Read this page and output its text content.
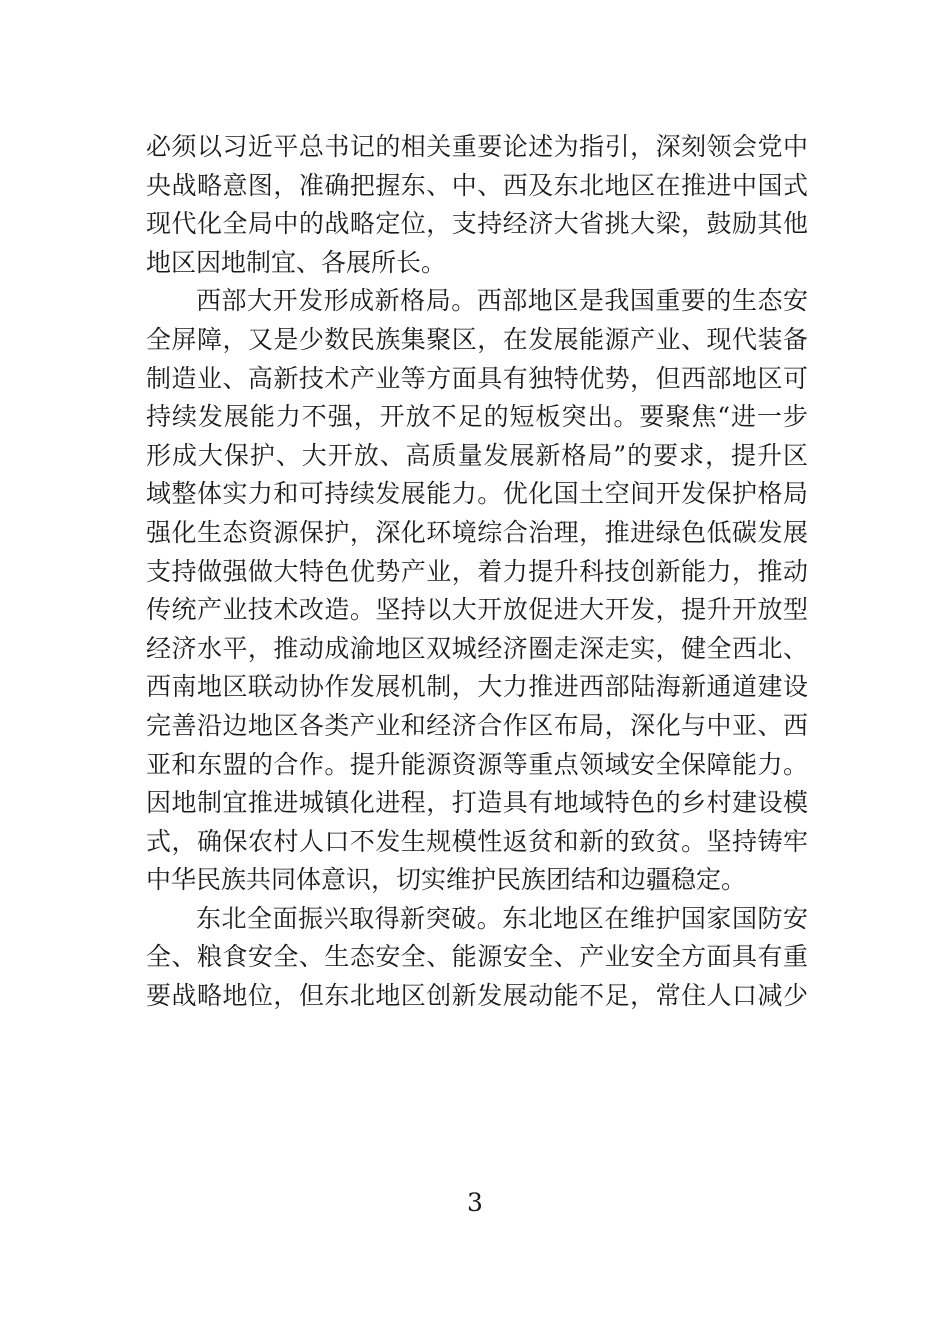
必须以习近平总书记的相关重要论述为指引，深刻领会党中
央战略意图，准确把握东、中、西及东北地区在推进中国式
现代化全局中的战略定位，支持经济大省挑大梁，鼓励其他
地区因地制宜、各展所长。
西部大开发形成新格局。西部地区是我国重要的生态安
全屏障，又是少数民族集聚区，在发展能源产业、现代装备
制造业、高新技术产业等方面具有独特优势，但西部地区可
持续发展能力不强，开放不足的短板突出。要聚焦“进一步
形成大保护、大开放、高质量发展新格局”的要求，提升区
域整体实力和可持续发展能力。优化国土空间开发保护格局
强化生态资源保护，深化环境综合治理，推进绿色低碳发展
支持做强做大特色优势产业，着力提升科技创新能力，推动
传统产业技术改造。坚持以大开放促进大开发，提升开放型
经济水平，推动成渝地区双城经济圈走深走实，健全西北、
西南地区联动协作发展机制，大力推进西部陆海新通道建设
完善沿边地区各类产业和经济合作区布局，深化与中亚、西
亚和东盟的合作。提升能源资源等重点领域安全保障能力。
因地制宜推进城镇化进程，打造具有地域特色的乡村建设模
式，确保农村人口不发生规模性返贫和新的致贫。坚持铸牢
中华民族共同体意识，切实维护民族团结和边疆稳定。
东北全面振兴取得新突破。东北地区在维护国家国防安
全、粮食安全、生态安全、能源安全、产业安全方面具有重
要战略地位，但东北地区创新发展动能不足，常住人口减少
3
